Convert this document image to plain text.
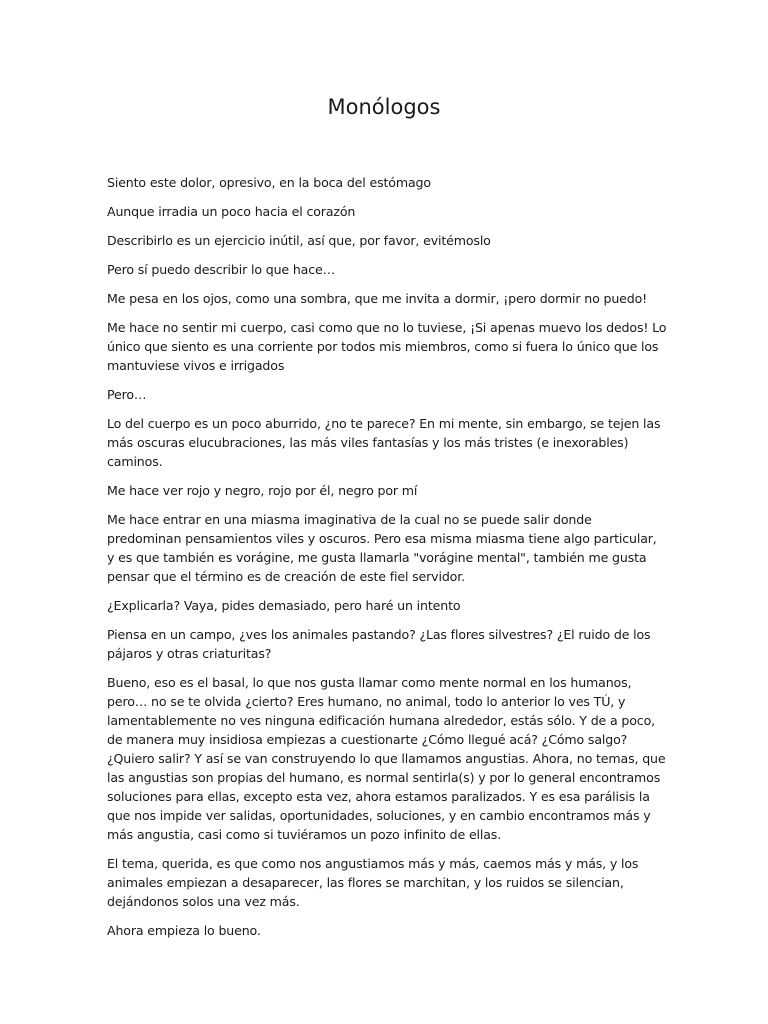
Monólogos

Siento este dolor, opresivo, en la boca del estómago

Aunque irradia un poco hacia el corazón

Describirlo es un ejercicio inútil, así que, por favor, evitémoslo

Pero sí puedo describir lo que hace…

Me pesa en los ojos, como una sombra, que me invita a dormir, ¡pero dormir no puedo!

Me hace no sentir mi cuerpo, casi como que no lo tuviese, ¡Si apenas muevo los dedos! Lo único que siento es una corriente por todos mis miembros, como si fuera lo único que los mantuviese vivos e irrigados

Pero…

Lo del cuerpo es un poco aburrido, ¿no te parece? En mi mente, sin embargo, se tejen las más oscuras elucubraciones, las más viles fantasías y los más tristes (e inexorables) caminos.

Me hace ver rojo y negro, rojo por él, negro por mí

Me hace entrar en una miasma imaginativa de la cual no se puede salir donde predominan pensamientos viles y oscuros. Pero esa misma miasma tiene algo particular, y es que también es vorágine, me gusta llamarla "vorágine mental", también me gusta pensar que el término es de creación de este fiel servidor.

¿Explicarla? Vaya, pides demasiado, pero haré un intento

Piensa en un campo, ¿ves los animales pastando? ¿Las flores silvestres? ¿El ruido de los pájaros y otras criaturitas?

Bueno, eso es el basal, lo que nos gusta llamar como mente normal en los humanos, pero… no se te olvida ¿cierto? Eres humano, no animal, todo lo anterior lo ves TÚ, y lamentablemente no ves ninguna edificación humana alrededor, estás sólo. Y de a poco, de manera muy insidiosa empiezas a cuestionarte ¿Cómo llegué acá? ¿Cómo salgo? ¿Quiero salir? Y así se van construyendo lo que llamamos angustias. Ahora, no temas, que las angustias son propias del humano, es normal sentirla(s) y por lo general encontramos soluciones para ellas, excepto esta vez, ahora estamos paralizados. Y es esa parálisis la que nos impide ver salidas, oportunidades, soluciones, y en cambio encontramos más y más angustia, casi como si tuviéramos un pozo infinito de ellas.

El tema, querida, es que como nos angustiamos más y más, caemos más y más, y los animales empiezan a desaparecer, las flores se marchitan, y los ruidos se silencian, dejándonos solos una vez más.

Ahora empieza lo bueno.
